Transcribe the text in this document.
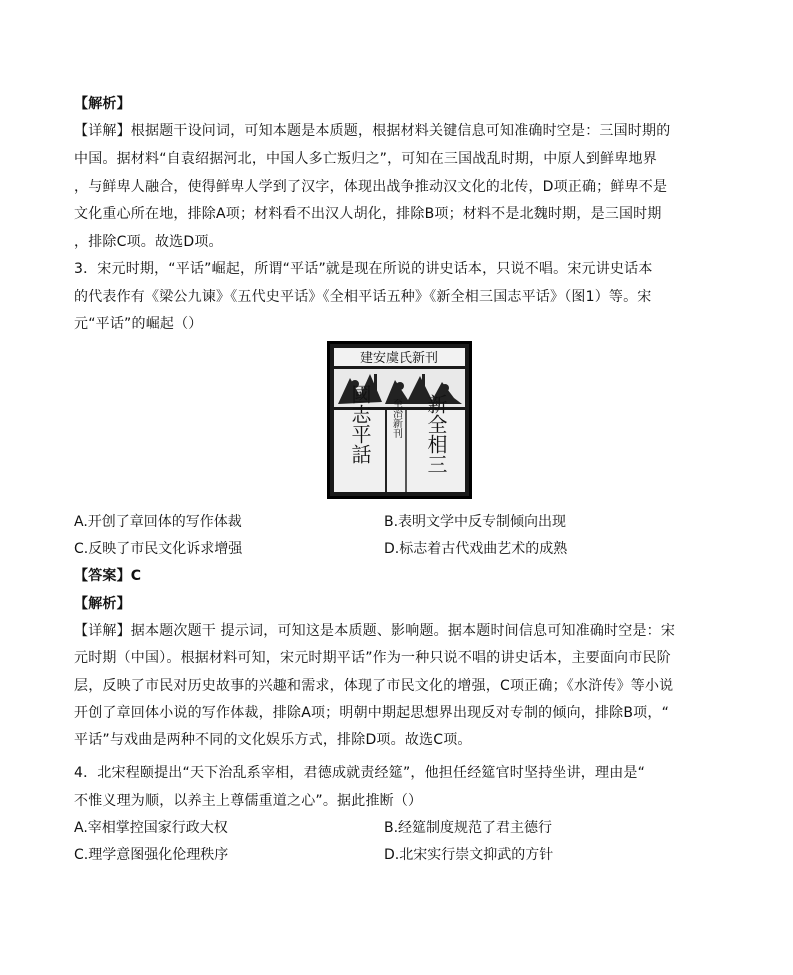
【解析】
【详解】根据题干设问词，可知本题是本质题，根据材料关键信息可知准确时空是：三国时期的
中国。据材料“自袁绍据河北，中国人多亡叛归之”，可知在三国战乱时期，中原人到鲜卑地界
，与鲜卑人融合，使得鲜卑人学到了汉字，体现出战争推动汉文化的北传，D项正确；鲜卑不是
文化重心所在地，排除A项；材料看不出汉人胡化，排除B项；材料不是北魏时期，是三国时期
，排除C项。故选D项。
3．宋元时期，“平话”崛起，所谓“平话”就是现在所说的讲史话本，只说不唱。宋元讲史话本
的代表作有《梁公九谏》《五代史平话》《全相平话五种》《新全相三国志平话》（图1）等。宋
元“平话”的崛起（）
建安虞氏新刊
新全相三
國志平話 至治新刊
A.开创了章回体的写作体裁	B.表明文学中反专制倾向出现
C.反映了市民文化诉求增强	D.标志着古代戏曲艺术的成熟
【答案】C
【解析】
【详解】据本题次题干 提示词，可知这是本质题、影响题。据本题时间信息可知准确时空是：宋
元时期（中国）。根据材料可知，宋元时期平话”作为一种只说不唱的讲史话本，主要面向市民阶
层，反映了市民对历史故事的兴趣和需求，体现了市民文化的增强，C项正确；《水浒传》等小说
开创了章回体小说的写作体裁，排除A项；明朝中期起思想界出现反对专制的倾向，排除B项，“
平话”与戏曲是两种不同的文化娱乐方式，排除D项。故选C项。
4．北宋程颐提出“天下治乱系宰相，君德成就责经筵”，他担任经筵官时坚持坐讲，理由是“
不惟义理为顺，以养主上尊儒重道之心”。据此推断（）
A.宰相掌控国家行政大权	B.经筵制度规范了君主德行
C.理学意图强化伦理秩序	D.北宋实行崇文抑武的方针
